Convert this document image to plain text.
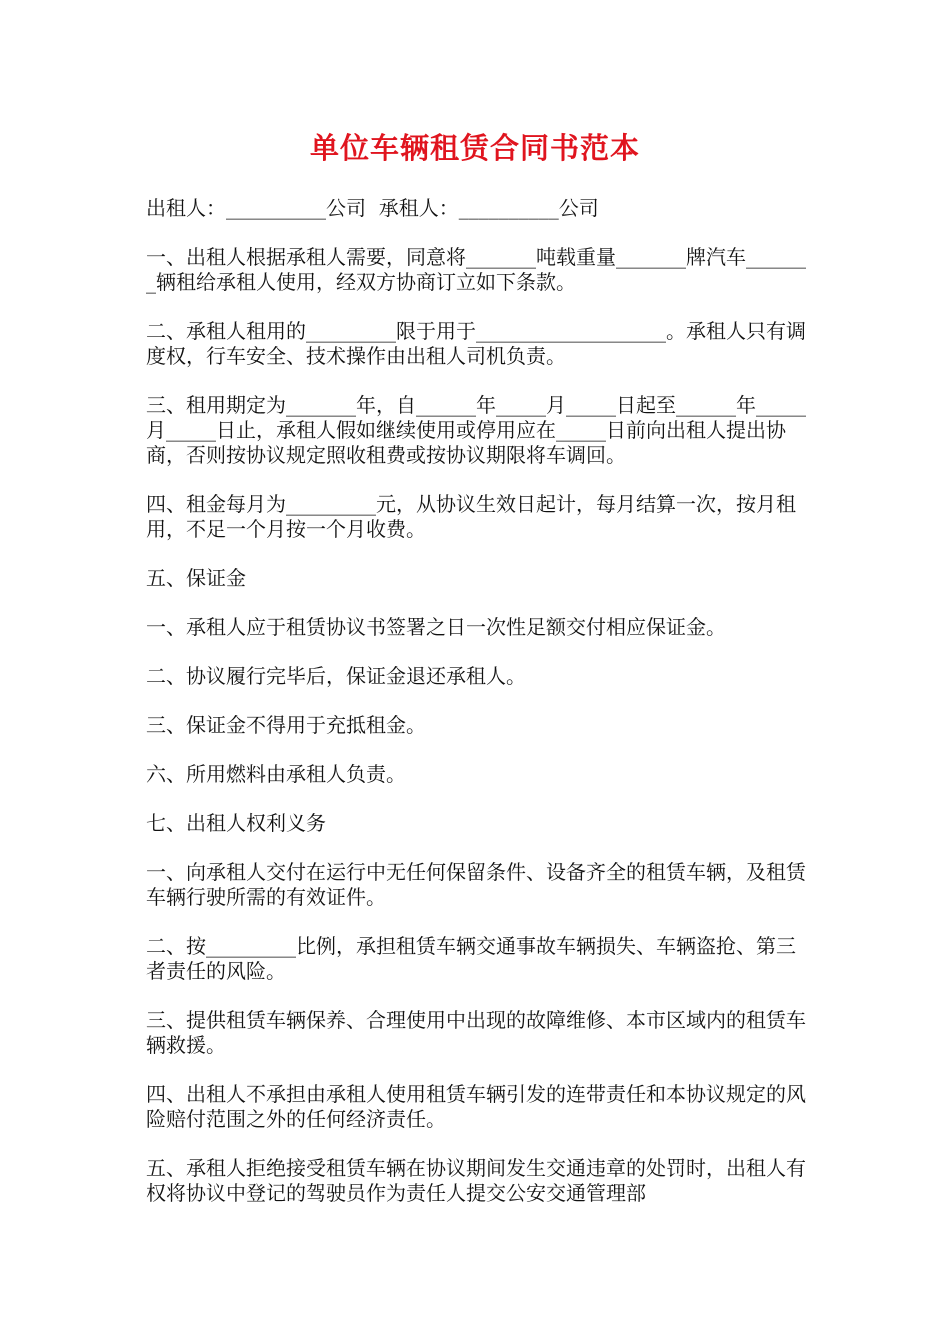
单位车辆租赁合同书范本

出租人：__________公司  承租人：__________公司

一、出租人根据承租人需要，同意将_______吨载重量_______牌汽车_______辆租给承租人使用，经双方协商订立如下条款。

二、承租人租用的_________限于用于___________________。承租人只有调度权，行车安全、技术操作由出租人司机负责。

三、租用期定为_______年，自______年_____月_____日起至______年_____月_____日止，承租人假如继续使用或停用应在_____日前向出租人提出协商，否则按协议规定照收租费或按协议期限将车调回。

四、租金每月为_________元，从协议生效日起计，每月结算一次，按月租用，不足一个月按一个月收费。

五、保证金

一、承租人应于租赁协议书签署之日一次性足额交付相应保证金。

二、协议履行完毕后，保证金退还承租人。

三、保证金不得用于充抵租金。

六、所用燃料由承租人负责。

七、出租人权利义务

一、向承租人交付在运行中无任何保留条件、设备齐全的租赁车辆，及租赁车辆行驶所需的有效证件。

二、按_________比例，承担租赁车辆交通事故车辆损失、车辆盗抢、第三者责任的风险。

三、提供租赁车辆保养、合理使用中出现的故障维修、本市区域内的租赁车辆救援。

四、出租人不承担由承租人使用租赁车辆引发的连带责任和本协议规定的风险赔付范围之外的任何经济责任。

五、承租人拒绝接受租赁车辆在协议期间发生交通违章的处罚时，出租人有权将协议中登记的驾驶员作为责任人提交公安交通管理部
